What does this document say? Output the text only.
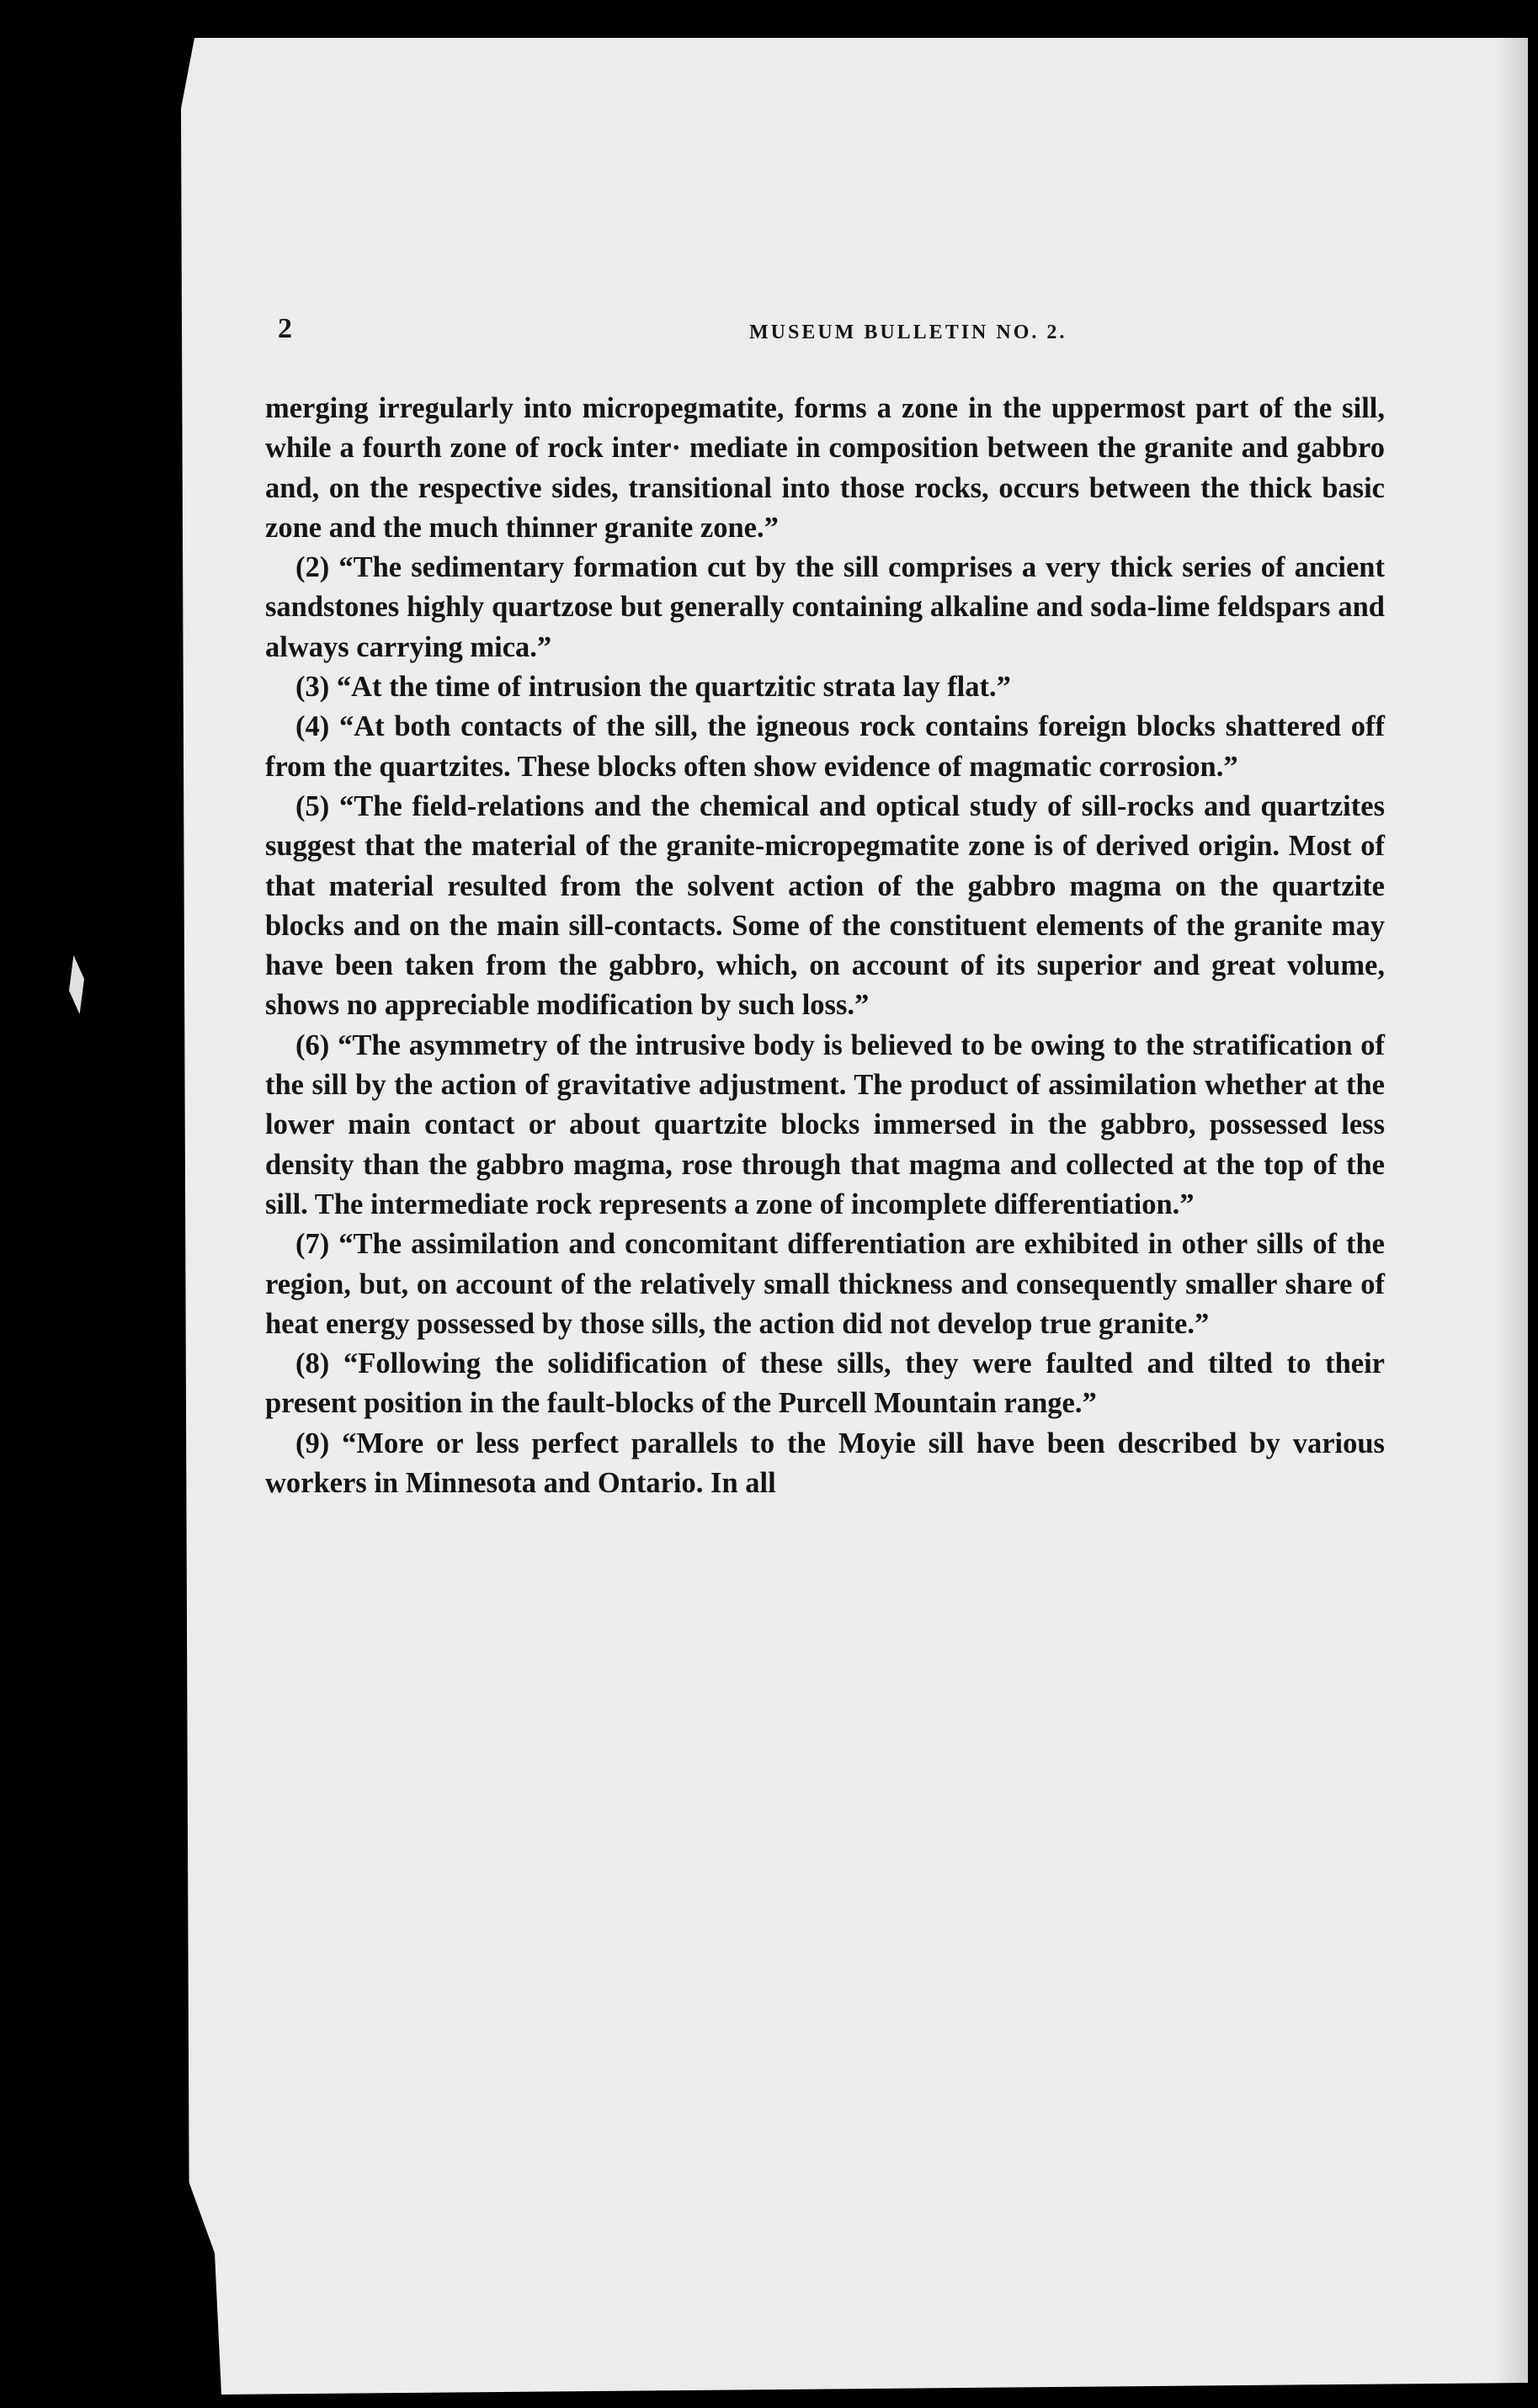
2	MUSEUM BULLETIN NO. 2.

merging irregularly into micropegmatite, forms a zone in the uppermost part of the sill, while a fourth zone of rock inter· mediate in composition between the granite and gabbro and, on the respective sides, transitional into those rocks, occurs between the thick basic zone and the much thinner granite zone.”

(2) “The sedimentary formation cut by the sill comprises a very thick series of ancient sandstones highly quartzose but generally containing alkaline and soda-lime feldspars and always carrying mica.”

(3) “At the time of intrusion the quartzitic strata lay flat.”

(4) “At both contacts of the sill, the igneous rock contains foreign blocks shattered off from the quartzites. These blocks often show evidence of magmatic corrosion.”

(5) “The field-relations and the chemical and optical study of sill-rocks and quartzites suggest that the material of the granite-micropegmatite zone is of derived origin. Most of that material resulted from the solvent action of the gabbro magma on the quartzite blocks and on the main sill-contacts. Some of the constituent elements of the granite may have been taken from the gabbro, which, on account of its superior and great volume, shows no appreciable modification by such loss.”

(6) “The asymmetry of the intrusive body is believed to be owing to the stratification of the sill by the action of gravitative adjustment. The product of assimilation whether at the lower main contact or about quartzite blocks immersed in the gabbro, possessed less density than the gabbro magma, rose through that magma and collected at the top of the sill. The intermediate rock represents a zone of incomplete differentiation.”

(7) “The assimilation and concomitant differentiation are exhibited in other sills of the region, but, on account of the relatively small thickness and consequently smaller share of heat energy possessed by those sills, the action did not develop true granite.”

(8) “Following the solidification of these sills, they were faulted and tilted to their present position in the fault-blocks of the Purcell Mountain range.”

(9) “More or less perfect parallels to the Moyie sill have been described by various workers in Minnesota and Ontario. In all
